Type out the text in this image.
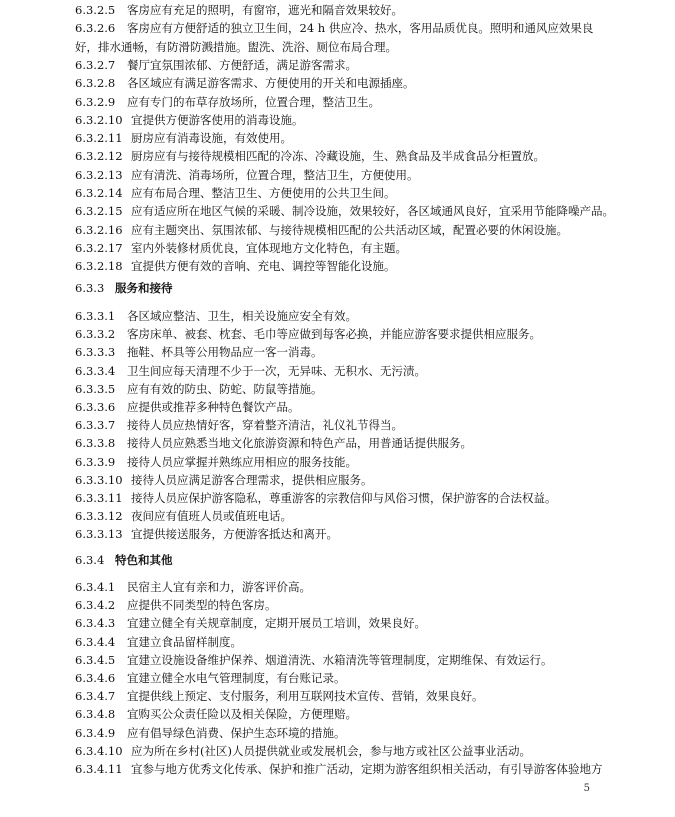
6.3.2.5 客房应有充足的照明，有窗帘，遮光和隔音效果较好。
6.3.2.6 客房应有方便舒适的独立卫生间，24 h 供应冷、热水，客用品质优良。照明和通风应效果良
好，排水通畅，有防滑防溅措施。盥洗、洗浴、厕位布局合理。
6.3.2.7 餐厅宜氛围浓郁、方便舒适，满足游客需求。
6.3.2.8 各区域应有满足游客需求、方便使用的开关和电源插座。
6.3.2.9 应有专门的布草存放场所，位置合理，整洁卫生。
6.3.2.10 宜提供方便游客使用的消毒设施。
6.3.2.11 厨房应有消毒设施，有效使用。
6.3.2.12 厨房应有与接待规模相匹配的冷冻、冷藏设施，生、熟食品及半成食品分柜置放。
6.3.2.13 应有清洗、消毒场所，位置合理，整洁卫生，方便使用。
6.3.2.14 应有布局合理、整洁卫生、方便使用的公共卫生间。
6.3.2.15 应有适应所在地区气候的采暖、制冷设施，效果较好，各区域通风良好，宜采用节能降噪产品。
6.3.2.16 应有主题突出、氛围浓郁、与接待规模相匹配的公共活动区域，配置必要的休闲设施。
6.3.2.17 室内外装修材质优良，宜体现地方文化特色，有主题。
6.3.2.18 宜提供方便有效的音响、充电、调控等智能化设施。
6.3.3 服务和接待
6.3.3.1 各区域应整洁、卫生，相关设施应安全有效。
6.3.3.2 客房床单、被套、枕套、毛巾等应做到每客必换，并能应游客要求提供相应服务。
6.3.3.3 拖鞋、杯具等公用物品应一客一消毒。
6.3.3.4 卫生间应每天清理不少于一次，无异味、无积水、无污渍。
6.3.3.5 应有有效的防虫、防蛇、防鼠等措施。
6.3.3.6 应提供或推荐多种特色餐饮产品。
6.3.3.7 接待人员应热情好客，穿着整齐清洁，礼仪礼节得当。
6.3.3.8 接待人员应熟悉当地文化旅游资源和特色产品，用普通话提供服务。
6.3.3.9 接待人员应掌握并熟练应用相应的服务技能。
6.3.3.10 接待人员应满足游客合理需求，提供相应服务。
6.3.3.11 接待人员应保护游客隐私，尊重游客的宗教信仰与风俗习惯，保护游客的合法权益。
6.3.3.12 夜间应有值班人员或值班电话。
6.3.3.13 宜提供接送服务，方便游客抵达和离开。
6.3.4 特色和其他
6.3.4.1 民宿主人宜有亲和力，游客评价高。
6.3.4.2 应提供不同类型的特色客房。
6.3.4.3 宜建立健全有关规章制度，定期开展员工培训，效果良好。
6.3.4.4 宜建立食品留样制度。
6.3.4.5 宜建立设施设备维护保养、烟道清洗、水箱清洗等管理制度，定期维保、有效运行。
6.3.4.6 宜建立健全水电气管理制度，有台账记录。
6.3.4.7 宜提供线上预定、支付服务，利用互联网技术宣传、营销，效果良好。
6.3.4.8 宜购买公众责任险以及相关保险，方便理赔。
6.3.4.9 应有倡导绿色消费、保护生态环境的措施。
6.3.4.10 应为所在乡村(社区)人员提供就业或发展机会，参与地方或社区公益事业活动。
6.3.4.11 宜参与地方优秀文化传承、保护和推广活动，定期为游客组织相关活动，有引导游客体验地方
5
